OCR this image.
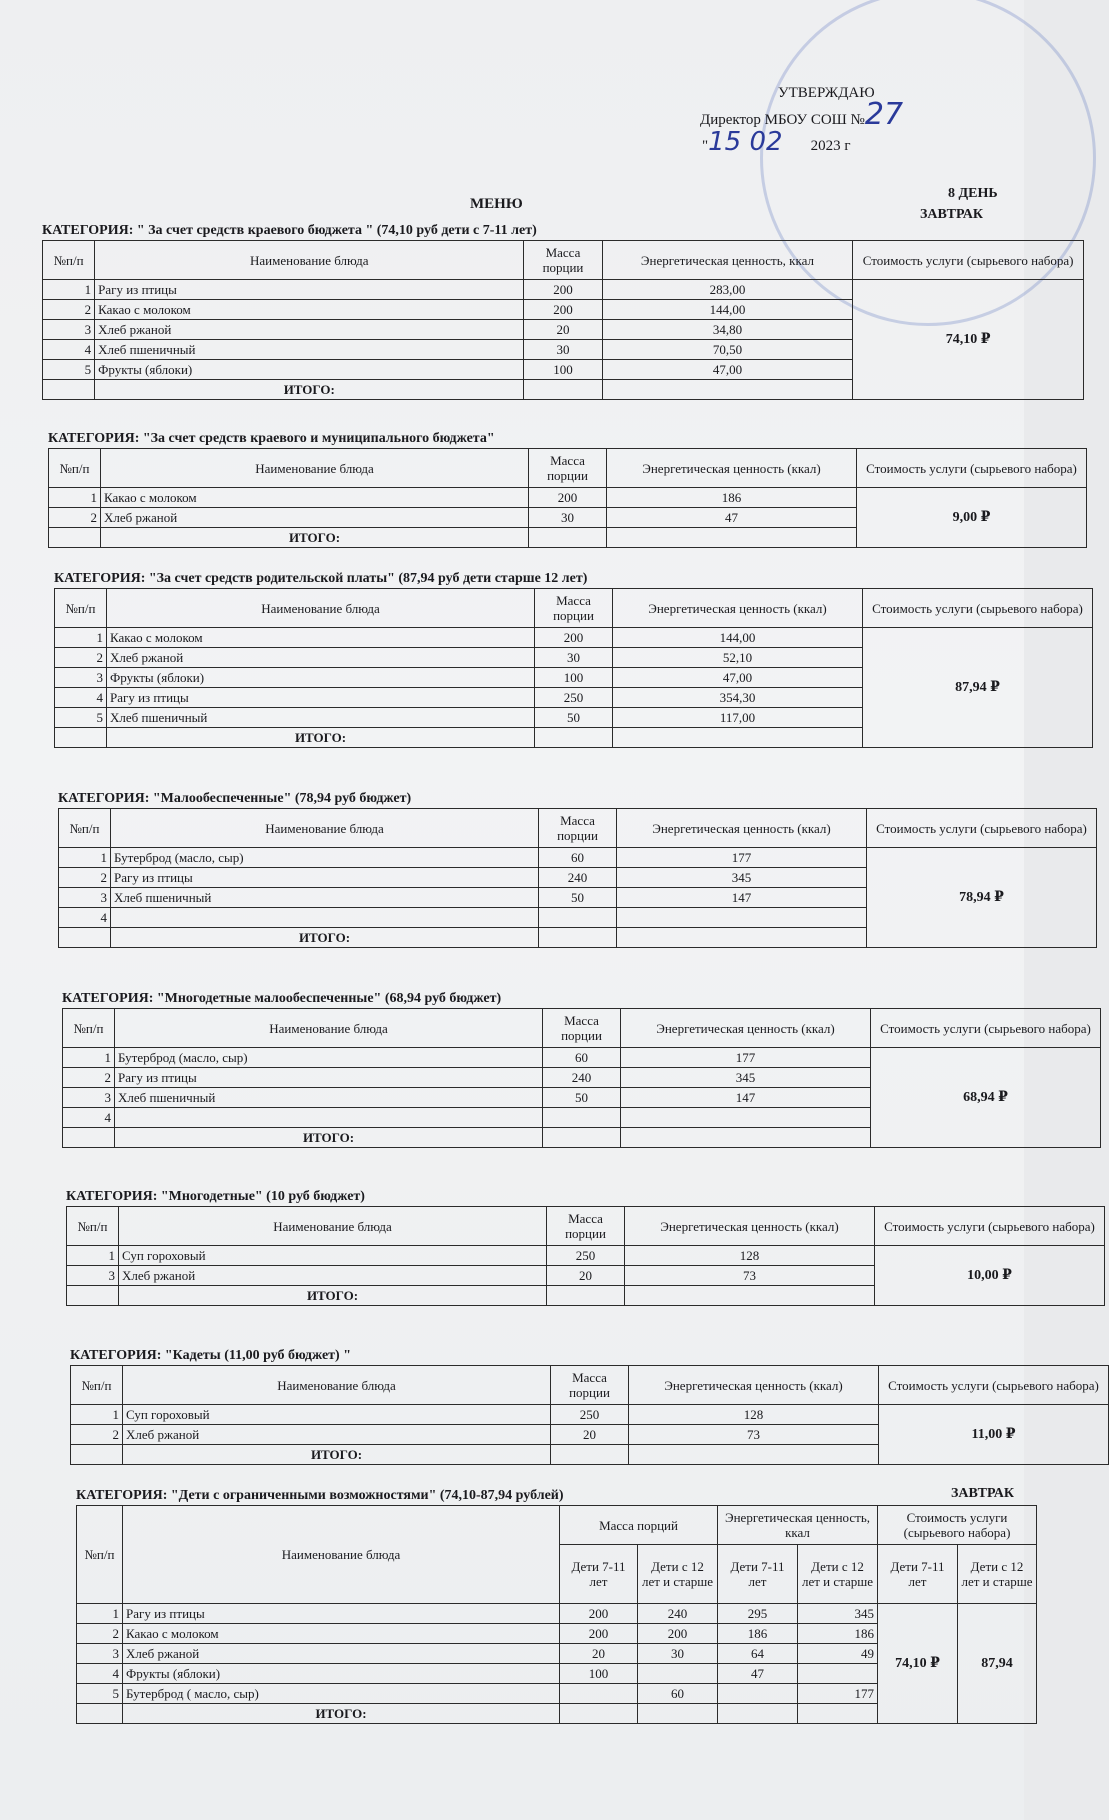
УТВЕРЖДАЮ
Директор МБОУ СОШ №27
"15 02 2023 г
МЕНЮ
8 ДЕНЬ
ЗАВТРАК
КАТЕГОРИЯ: " За счет средств краевого бюджета " (74,10 руб дети с 7-11 лет)
№п/п	Наименование блюда	Масса порции	Энергетическая ценность, ккал	Стоимость услуги (сырьевого набора)
1	Рагу из птицы	200	283,00	74,10 ₽
2	Какао с молоком	200	144,00	
3	Хлеб ржаной	20	34,80	
4	Хлеб пшеничный	30	70,50	
5	Фрукты (яблоки)	100	47,00	
	ИТОГО:			
КАТЕГОРИЯ: "За счет средств краевого и муниципального бюджета"
№п/п	Наименование блюда	Масса порции	Энергетическая ценность (ккал)	Стоимость услуги (сырьевого набора)
1	Какао с молоком	200	186	9,00 ₽
2	Хлеб ржаной	30	47	
	ИТОГО:			
КАТЕГОРИЯ: "За счет средств родительской платы" (87,94 руб дети старше 12 лет)
№п/п	Наименование блюда	Масса порции	Энергетическая ценность (ккал)	Стоимость услуги (сырьевого набора)
1	Какао с молоком	200	144,00	87,94 ₽
2	Хлеб ржаной	30	52,10	
3	Фрукты (яблоки)	100	47,00	
4	Рагу из птицы	250	354,30	
5	Хлеб пшеничный	50	117,00	
	ИТОГО:			
КАТЕГОРИЯ: "Малообеспеченные" (78,94 руб бюджет)
№п/п	Наименование блюда	Масса порции	Энергетическая ценность (ккал)	Стоимость услуги (сырьевого набора)
1	Бутерброд (масло, сыр)	60	177	78,94 ₽
2	Рагу из птицы	240	345	
3	Хлеб пшеничный	50	147	
4				
	ИТОГО:			
КАТЕГОРИЯ: "Многодетные малообеспеченные" (68,94 руб бюджет)
№п/п	Наименование блюда	Масса порции	Энергетическая ценность (ккал)	Стоимость услуги (сырьевого набора)
1	Бутерброд (масло, сыр)	60	177	68,94 ₽
2	Рагу из птицы	240	345	
3	Хлеб пшеничный	50	147	
4				
	ИТОГО:			
КАТЕГОРИЯ: "Многодетные" (10 руб бюджет)
№п/п	Наименование блюда	Масса порции	Энергетическая ценность (ккал)	Стоимость услуги (сырьевого набора)
1	Суп гороховый	250	128	10,00 ₽
3	Хлеб ржаной	20	73	
	ИТОГО:			
КАТЕГОРИЯ: "Кадеты (11,00 руб бюджет) "
№п/п	Наименование блюда	Масса порции	Энергетическая ценность (ккал)	Стоимость услуги (сырьевого набора)
1	Суп гороховый	250	128	11,00 ₽
2	Хлеб ржаной	20	73	
	ИТОГО:			
КАТЕГОРИЯ: "Дети с ограниченными возможностями" (74,10-87,94 рублей)	ЗАВТРАК
№п/п	Наименование блюда	Масса порций		Энергетическая ценность, ккал		Стоимость услуги (сырьевого набора)	
		Дети 7-11 лет	Дети с 12 лет и старше	Дети 7-11 лет	Дети с 12 лет и старше	Дети 7-11 лет	Дети с 12 лет и старше
1	Рагу из птицы	200	240	295	345	74,10 ₽	87,94
2	Какао с молоком	200	200	186	186		
3	Хлеб ржаной	20	30	64	49		
4	Фрукты (яблоки)	100		47			
5	Бутерброд ( масло, сыр)		60		177		
	ИТОГО:						
